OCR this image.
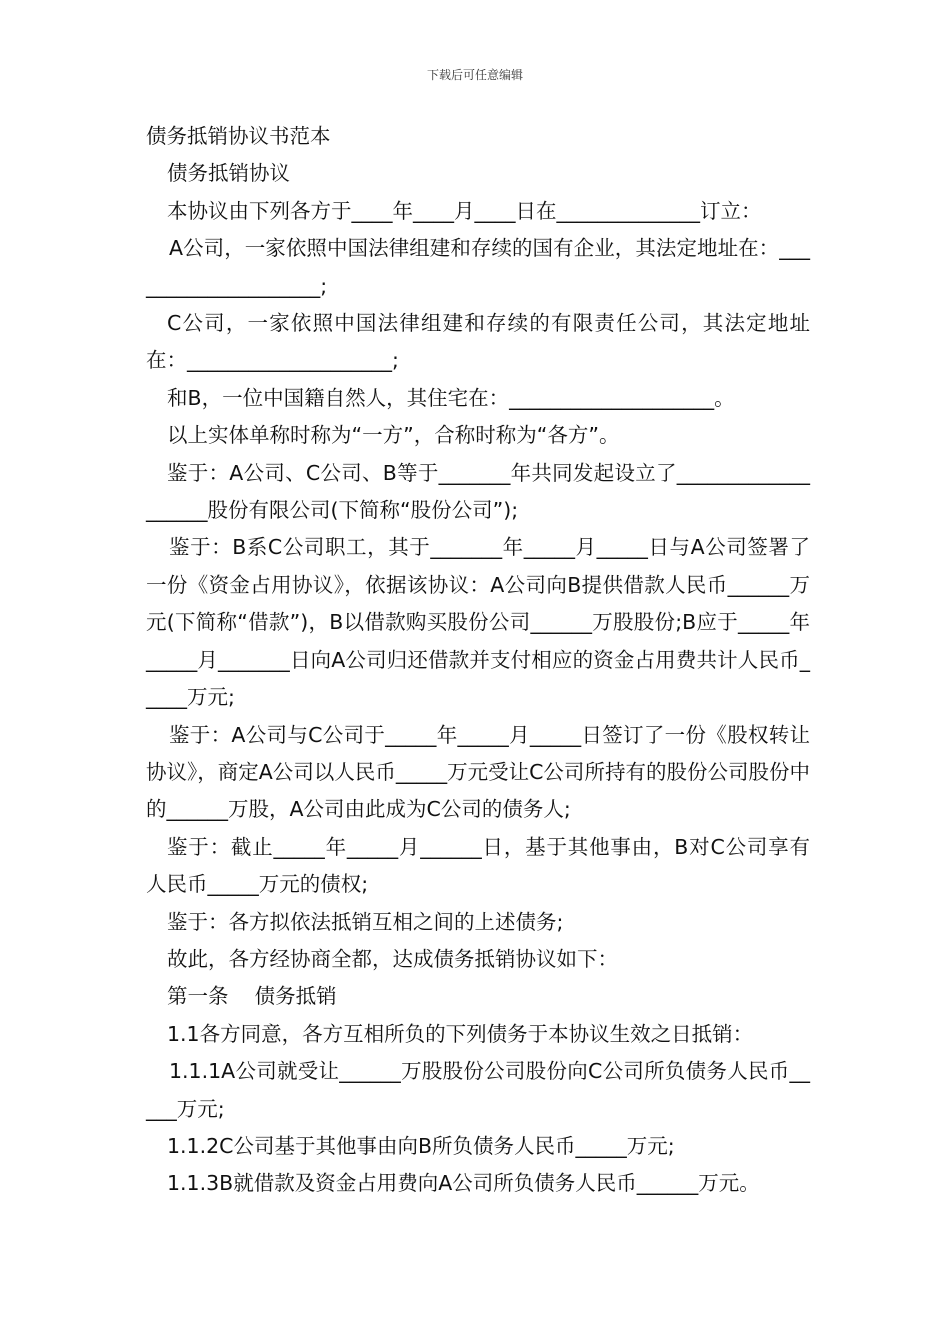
下载后可任意编辑

债务抵销协议书范本

债务抵销协议

本协议由下列各方于____年____月____日在______________订立：

A公司，一家依照中国法律组建和存续的国有企业，其法定地址在：____________________;

C公司，一家依照中国法律组建和存续的有限责任公司，其法定地址在：____________________;

和B，一位中国籍自然人，其住宅在：____________________。

以上实体单称时称为“一方”，合称时称为“各方”。

鉴于：A公司、C公司、B等于_______年共同发起设立了___________________股份有限公司(下简称“股份公司”);

鉴于：B系C公司职工，其于_______年_____月_____日与A公司签署了一份《资金占用协议》，依据该协议：A公司向B提供借款人民币______万元(下简称“借款”)，B以借款购买股份公司______万股股份;B应于_____年_____月_______日向A公司归还借款并支付相应的资金占用费共计人民币_____万元;

鉴于：A公司与C公司于_____年_____月_____日签订了一份《股权转让协议》，商定A公司以人民币_____万元受让C公司所持有的股份公司股份中的______万股，A公司由此成为C公司的债务人;

鉴于：截止_____年_____月______日，基于其他事由，B对C公司享有人民币_____万元的债权;

鉴于：各方拟依法抵销互相之间的上述债务;

故此，各方经协商全都，达成债务抵销协议如下：

第一条    债务抵销

1.1各方同意，各方互相所负的下列债务于本协议生效之日抵销：

1.1.1A公司就受让______万股股份公司股份向C公司所负债务人民币_____万元;

1.1.2C公司基于其他事由向B所负债务人民币_____万元;

1.1.3B就借款及资金占用费向A公司所负债务人民币______万元。
